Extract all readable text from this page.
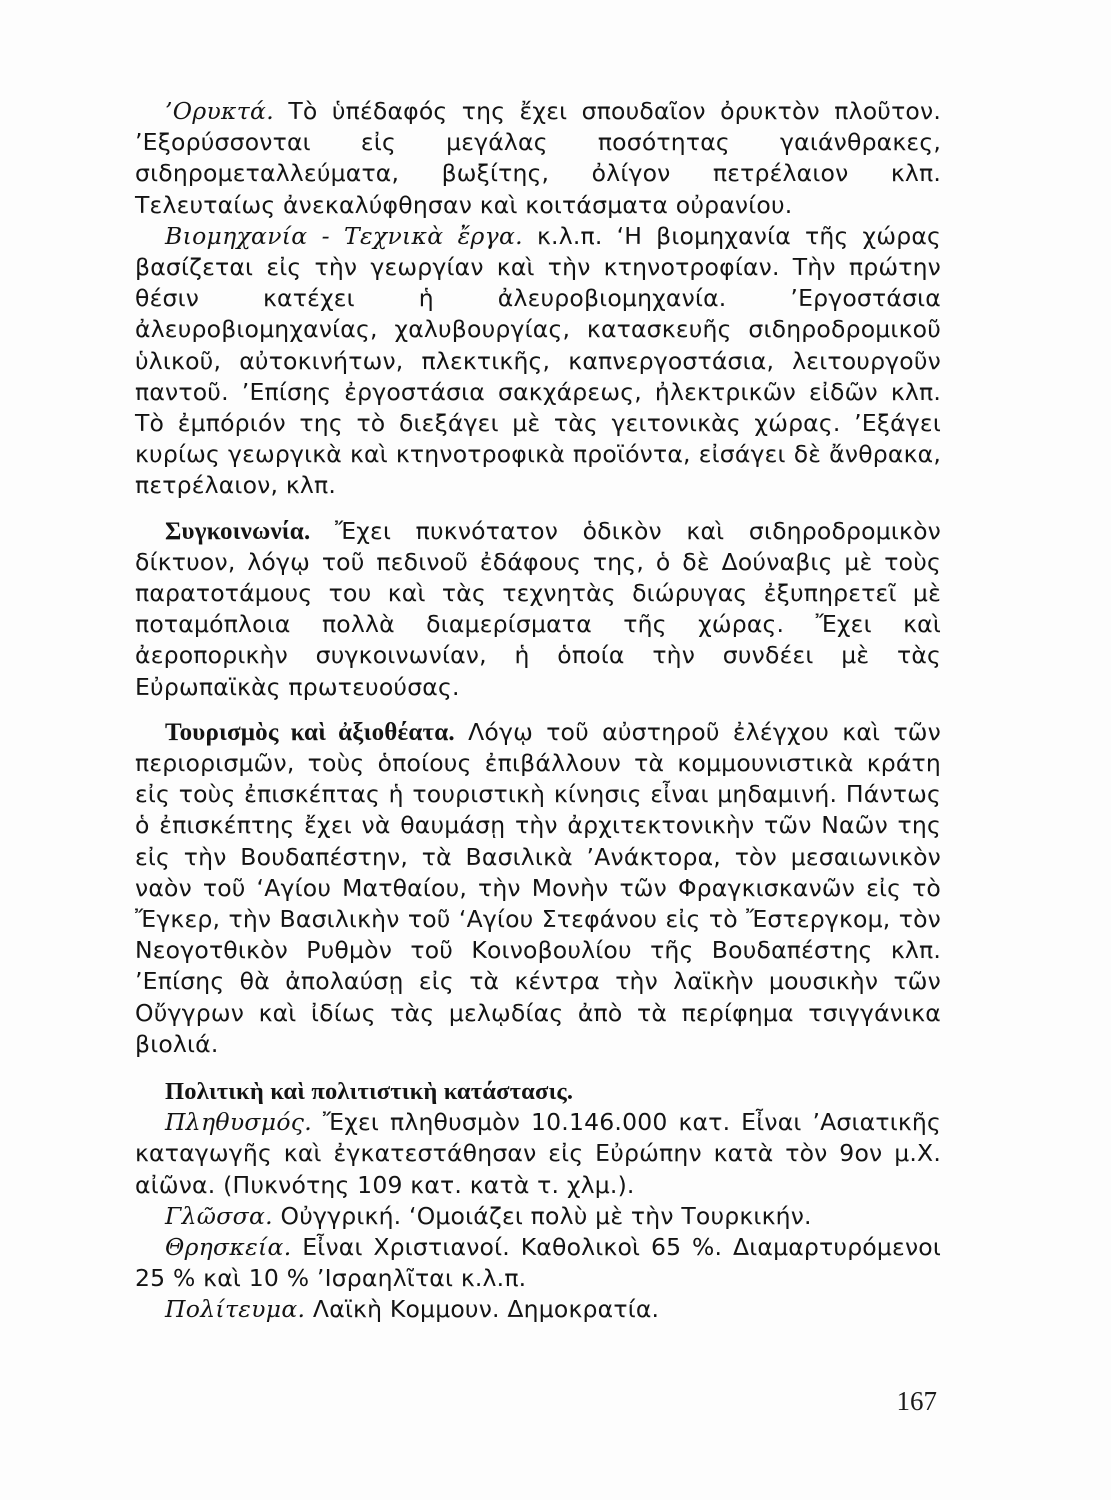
’Ορυκτά. Τὸ ὑπέδαφός της ἔχει σπουδαῖον ὀρυκτὸν πλοῦτον. ’Εξορύσσονται εἰς μεγάλας ποσότητας γαιάνθρακες, σιδηρομεταλλεύματα, βωξίτης, ὀλίγον πετρέλαιον κλπ. Τελευταίως ἀνεκαλύφθησαν καὶ κοιτάσματα οὐρανίου.

Βιομηχανία - Τεχνικὰ ἔργα. κ.λ.π. ‘Η βιομηχανία τῆς χώρας βασίζεται εἰς τὴν γεωργίαν καὶ τὴν κτηνοτροφίαν. Τὴν πρώτην θέσιν κατέχει ἡ ἀλευροβιομηχανία. ’Εργοστάσια ἀλευροβιομηχανίας, χαλυβουργίας, κατασκευῆς σιδηροδρομικοῦ ὑλικοῦ, αὐτοκινήτων, πλεκτικῆς, καπνεργοστάσια, λειτουργοῦν παντοῦ. ’Επίσης ἐργοστάσια σακχάρεως, ἠλεκτρικῶν εἰδῶν κλπ. Τὸ ἐμπόριόν της τὸ διεξάγει μὲ τὰς γειτονικὰς χώρας. ’Εξάγει κυρίως γεωργικὰ καὶ κτηνοτροφικὰ προϊόντα, εἰσάγει δὲ ἄνθρακα, πετρέλαιον, κλπ.

Συγκοινωνία. Ἔχει πυκνότατον ὁδικὸν καὶ σιδηροδρομικὸν δίκτυον, λόγῳ τοῦ πεδινοῦ ἐδάφους της, ὁ δὲ Δούναβις μὲ τοὺς παρατοτάμους του καὶ τὰς τεχνητὰς διώρυγας ἐξυπηρετεῖ μὲ ποταμόπλοια πολλὰ διαμερίσματα τῆς χώρας. Ἔχει καὶ ἀεροπορικὴν συγκοινωνίαν, ἡ ὁποία τὴν συνδέει μὲ τὰς Εὐρωπαϊκὰς πρωτευούσας.

Τουρισμὸς καὶ ἀξιοθέατα. Λόγῳ τοῦ αὐστηροῦ ἐλέγχου καὶ τῶν περιορισμῶν, τοὺς ὁποίους ἐπιβάλλουν τὰ κομμουνιστικὰ κράτη εἰς τοὺς ἐπισκέπτας ἡ τουριστικὴ κίνησις εἶναι μηδαμινή. Πάντως ὁ ἐπισκέπτης ἔχει νὰ θαυμάσῃ τὴν ἀρχιτεκτονικὴν τῶν Ναῶν της εἰς τὴν Βουδαπέστην, τὰ Βασιλικὰ ’Ανάκτορα, τὸν μεσαιωνικὸν ναὸν τοῦ ‘Αγίου Ματθαίου, τὴν Μονὴν τῶν Φραγκισκανῶν εἰς τὸ Ἔγκερ, τὴν Βασιλικὴν τοῦ ‘Αγίου Στεφάνου εἰς τὸ Ἔστεργκομ, τὸν Νεογοτθικὸν Ρυθμὸν τοῦ Κοινοβουλίου τῆς Βουδαπέστης κλπ. ’Επίσης θὰ ἀπολαύσῃ εἰς τὰ κέντρα τὴν λαϊκὴν μουσικὴν τῶν Οὔγγρων καὶ ἰδίως τὰς μελῳδίας ἀπὸ τὰ περίφημα τσιγγάνικα βιολιά.

Πολιτικὴ καὶ πολιτιστικὴ κατάστασις.

Πληθυσμός. Ἔχει πληθυσμὸν 10.146.000 κατ. Εἶναι ’Ασιατικῆς καταγωγῆς καὶ ἐγκατεστάθησαν εἰς Εὐρώπην κατὰ τὸν 9ον μ.Χ. αἰῶνα. (Πυκνότης 109 κατ. κατὰ τ. χλμ.).

Γλῶσσα. Οὐγγρική. ‘Ομοιάζει πολὺ μὲ τὴν Τουρκικήν.

Θρησκεία. Εἶναι Χριστιανοί. Καθολικοὶ 65 %. Διαμαρτυρόμενοι 25 % καὶ 10 % ’Ισραηλῖται κ.λ.π.

Πολίτευμα. Λαϊκὴ Κομμουν. Δημοκρατία.

167
